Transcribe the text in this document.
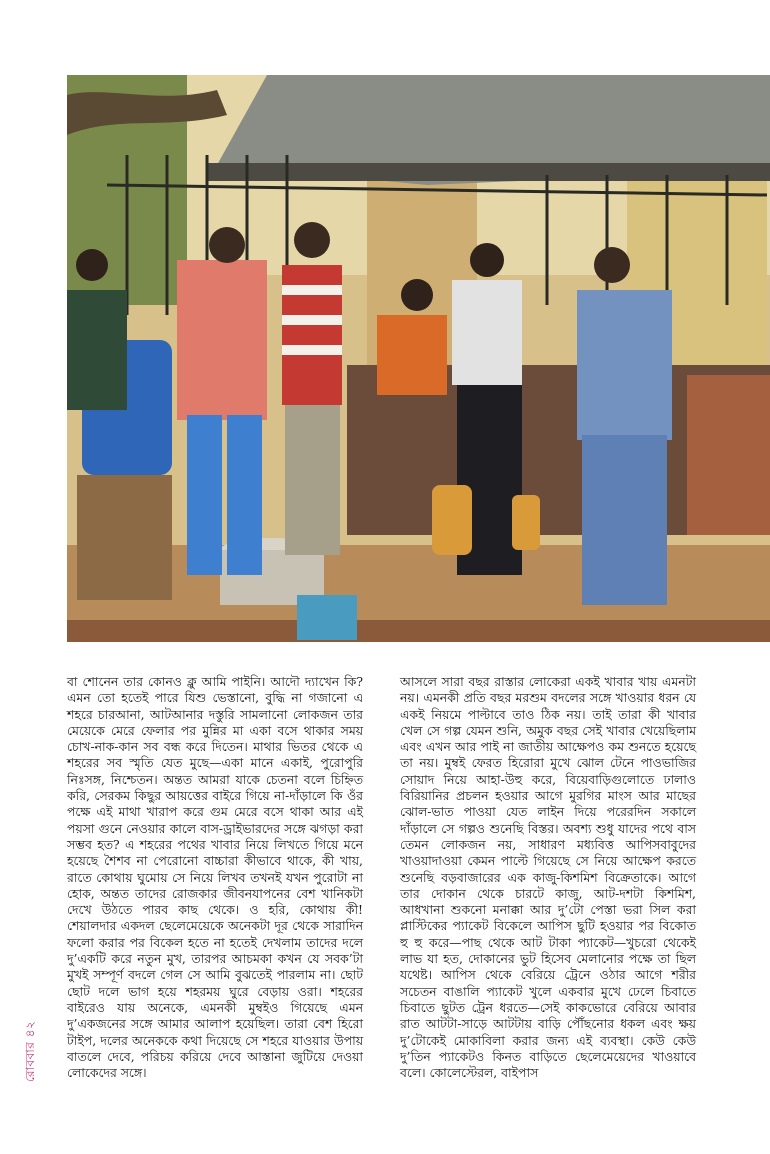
বা শোনেন তার কোনও ক্লু আমি পাইনি। আদৌ দ্যাখেন কি? এমন তো হতেই পারে যিশু ভেস্তানো, বুদ্ধি না গজানো এ শহরে চারআনা, আটআনার দস্তুরি সামলানো লোকজন তার মেয়েকে মেরে ফেলার পর মুন্নির মা একা বসে থাকার সময় চোখ-নাক-কান সব বন্ধ করে দিতেন। মাথার ভিতর থেকে এ শহরের সব স্মৃতি যেত মুছে—একা মানে একাই, পুরোপুরি নিঃসঙ্গ, নিশ্চেতন। অন্তত আমরা যাকে চেতনা বলে চিহ্নিত করি, সেরকম কিছুর আয়ত্তের বাইরে গিয়ে না-দাঁড়ালে কি ওঁর পক্ষে এই মাথা খারাপ করে গুম মেরে বসে থাকা আর এই পয়সা গুনে নেওয়ার কালে বাস-ড্রাইভারদের সঙ্গে ঝগড়া করা সম্ভব হত? এ শহরের পথের খাবার নিয়ে লিখতে গিয়ে মনে হয়েছে শৈশব না পেরোনো বাচ্চারা কীভাবে থাকে, কী খায়, রাতে কোথায় ঘুমোয় সে নিয়ে লিখব তখনই যখন পুরোটা না হোক, অন্তত তাদের রোজকার জীবনযাপনের বেশ খানিকটা দেখে উঠতে পারব কাছ থেকে। ও হরি, কোথায় কী! শেয়ালদার একদল ছেলেমেয়েকে অনেকটা দূর থেকে সারাদিন ফলো করার পর বিকেল হতে না হতেই দেখলাম তাদের দলে দু’একটি করে নতুন মুখ, তারপর আচমকা কখন যে সবক’টা মুখই সম্পূর্ণ বদলে গেল সে আমি বুঝতেই পারলাম না। ছোট ছোট দলে ভাগ হয়ে শহরময় ঘুরে বেড়ায় ওরা। শহরের বাইরেও যায় অনেকে, এমনকী মুম্বইও গিয়েছে এমন দু’একজনের সঙ্গে আমার আলাপ হয়েছিল। তারা বেশ হিরো টাইপ, দলের অনেককে কথা দিয়েছে সে শহরে যাওয়ার উপায় বাতলে দেবে, পরিচয় করিয়ে দেবে আস্তানা জুটিয়ে দেওয়া লোকেদের সঙ্গে।

আসলে সারা বছর রাস্তার লোকেরা একই খাবার খায় এমনটা নয়। এমনকী প্রতি বছর মরশুম বদলের সঙ্গে খাওয়ার ধরন যে একই নিয়মে পাল্টাবে তাও ঠিক নয়। তাই তারা কী খাবার খেল সে গল্প যেমন শুনি, অমুক বছর সেই খাবার খেয়েছিলাম এবং এখন আর পাই না জাতীয় আক্ষেপও কম শুনতে হয়েছে তা নয়। মুম্বই ফেরত হিরোরা মুখে ঝোল টেনে পাওভাজির সোয়াদ নিয়ে আহা-উহু করে, বিয়েবাড়িগুলোতে ঢালাও বিরিয়ানির প্রচলন হওয়ার আগে মুরগির মাংস আর মাছের ঝোল-ভাত পাওয়া যেত লাইন দিয়ে পরেরদিন সকালে দাঁড়ালে সে গল্পও শুনেছি বিস্তর। অবশ্য শুধু যাদের পথে বাস তেমন লোকজন নয়, সাধারণ মধ্যবিত্ত আপিসবাবুদের খাওয়াদাওয়া কেমন পাল্টে গিয়েছে সে নিয়ে আক্ষেপ করতে শুনেছি বড়বাজারের এক কাজু-কিশমিশ বিক্রেতাকে। আগে তার দোকান থেকে চারটে কাজু, আট-দশটা কিশমিশ, আধখানা শুকনো মনাক্কা আর দু’টো পেস্তা ভরা সিল করা প্লাস্টিকের প্যাকেট বিকেলে আপিস ছুটি হওয়ার পর বিকোত হু হু করে—পাছ থেকে আট টাকা প্যাকেট—খুচরো থেকেই লাভ যা হত, দোকানের ভুট হিসেব মেলানোর পক্ষে তা ছিল যথেষ্ট। আপিস থেকে বেরিয়ে ট্রেনে ওঠার আগে শরীর সচেতন বাঙালি প্যাকেট খুলে একবার মুখে ঢেলে চিবাতে চিবাতে ছুটত ট্রেন ধরতে—সেই কাকভোরে বেরিয়ে আবার রাত আটটা-সাড়ে আটটায় বাড়ি পৌঁছনোর ধকল এবং ক্ষয় দু’টোকেই মোকাবিলা করার জন্য এই ব্যবস্থা। কেউ কেউ দু’তিন প্যাকেটও কিনত বাড়িতে ছেলেমেয়েদের খাওয়াবে বলে। কোলেস্টেরল, বাইপাস

রোববার ৪২
